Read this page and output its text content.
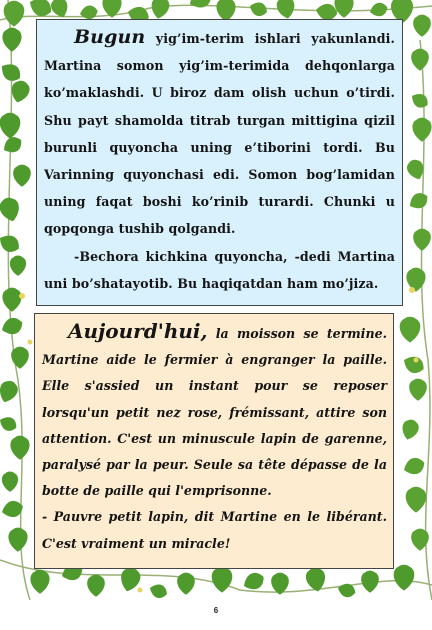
Bugun yig’im-terim ishlari yakunlandi. Martina somon yig’im-terimida dehqonlarga ko’maklashdi. U biroz dam olish uchun o’tirdi. Shu payt shamolda titrab turgan mittigina qizil burunli quyoncha uning e’tiborini tordi. Bu Varinning quyonchasi edi. Somon bog’lamidan uning faqat boshi ko’rinib turardi. Chunki u qopqonga tushib qolgandi.

-Bechora kichkina quyoncha, -dedi Martina uni bo’shatayotib. Bu haqiqatdan ham mo’jiza.

Aujourd'hui, la moisson se termine. Martine aide le fermier à engranger la paille. Elle s'assied un instant pour se reposer lorsqu'un petit nez rose, frémissant, attire son attention. C'est un minuscule lapin de garenne, paralysé par la peur. Seule sa tête dépasse de la botte de paille qui l'emprisonne.

- Pauvre petit lapin, dit Martine en le libérant. C'est vraiment un miracle!

6
